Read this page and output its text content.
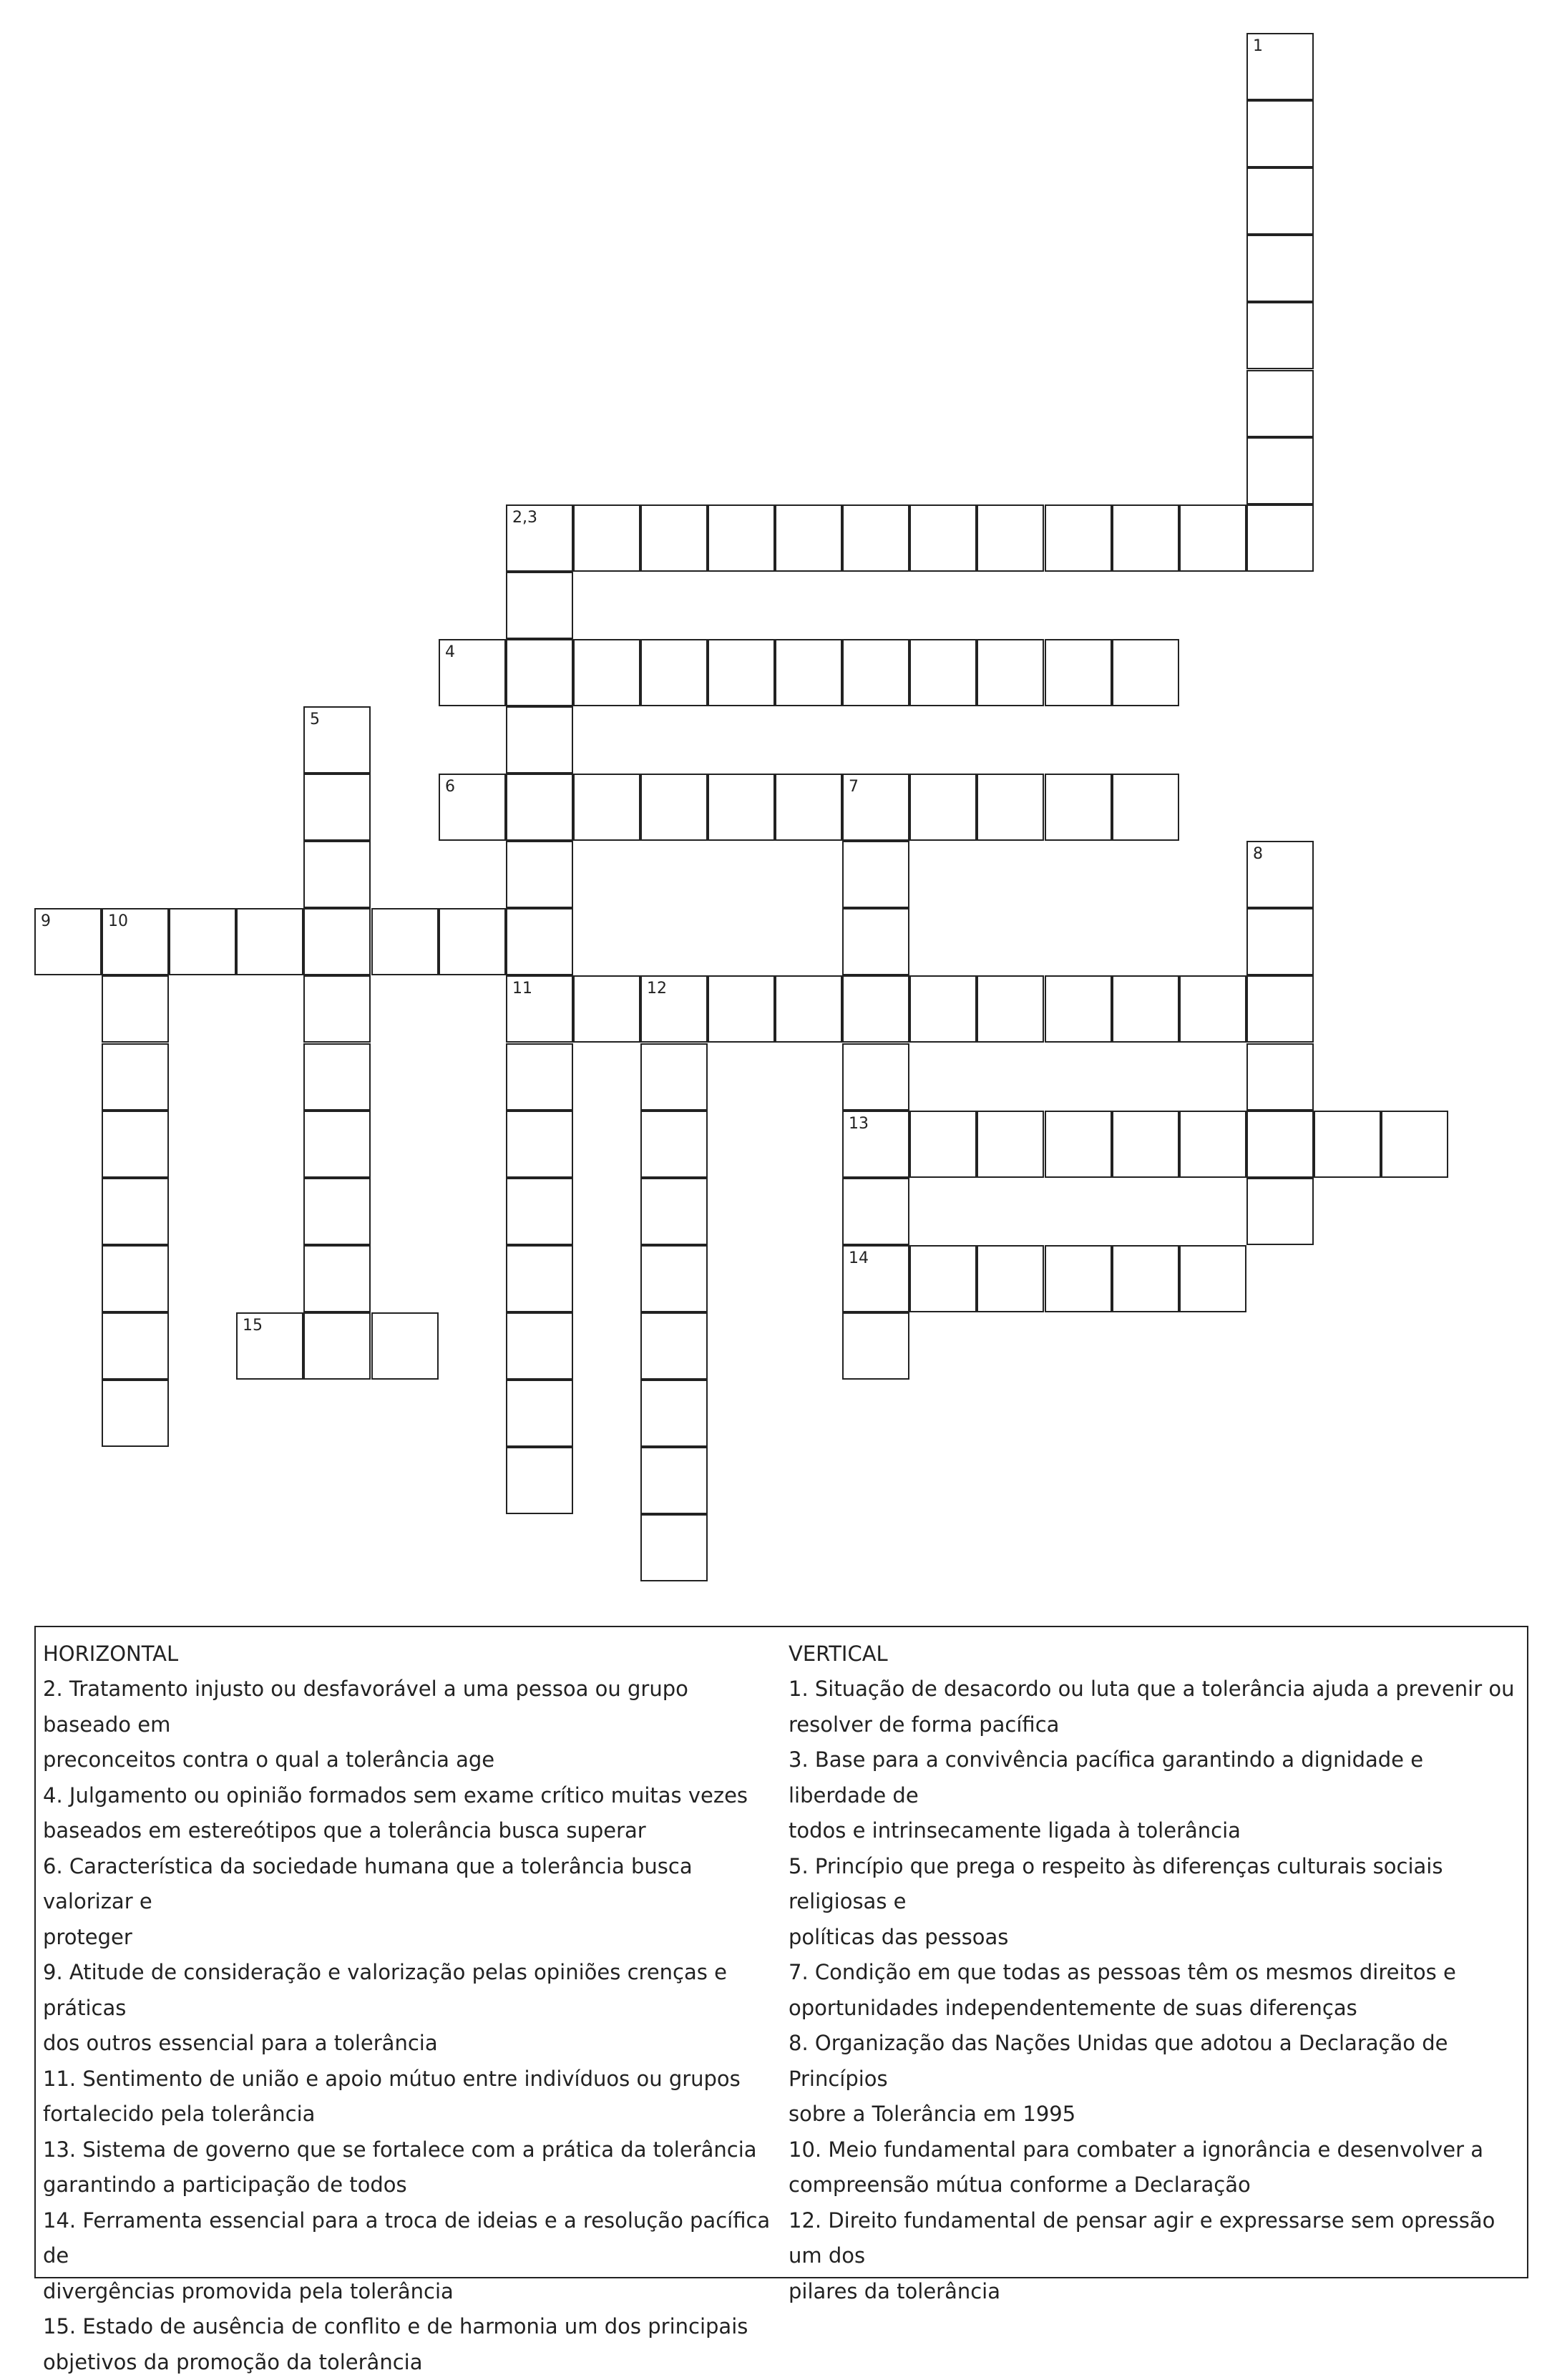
1
2,3
4
5
6	7
8
9	10
11	12
13
14
15
HORIZONTAL

2. Tratamento injusto ou desfavorável a uma pessoa ou grupo baseado em

preconceitos contra o qual a tolerância age

4. Julgamento ou opinião formados sem exame crítico muitas vezes

baseados em estereótipos que a tolerância busca superar

6. Característica da sociedade humana que a tolerância busca valorizar e

proteger

9. Atitude de consideração e valorização pelas opiniões crenças e práticas

dos outros essencial para a tolerância

11. Sentimento de união e apoio mútuo entre indivíduos ou grupos

fortalecido pela tolerância

13. Sistema de governo que se fortalece com a prática da tolerância

garantindo a participação de todos

14. Ferramenta essencial para a troca de ideias e a resolução pacífica de

divergências promovida pela tolerância

15. Estado de ausência de conflito e de harmonia um dos principais

objetivos da promoção da tolerância

VERTICAL

1. Situação de desacordo ou luta que a tolerância ajuda a prevenir ou

resolver de forma pacífica

3. Base para a convivência pacífica garantindo a dignidade e liberdade de

todos e intrinsecamente ligada à tolerância

5. Princípio que prega o respeito às diferenças culturais sociais religiosas e

políticas das pessoas

7. Condição em que todas as pessoas têm os mesmos direitos e

oportunidades independentemente de suas diferenças

8. Organização das Nações Unidas que adotou a Declaração de Princípios

sobre a Tolerância em 1995

10. Meio fundamental para combater a ignorância e desenvolver a

compreensão mútua conforme a Declaração

12. Direito fundamental de pensar agir e expressarse sem opressão um dos

pilares da tolerância
